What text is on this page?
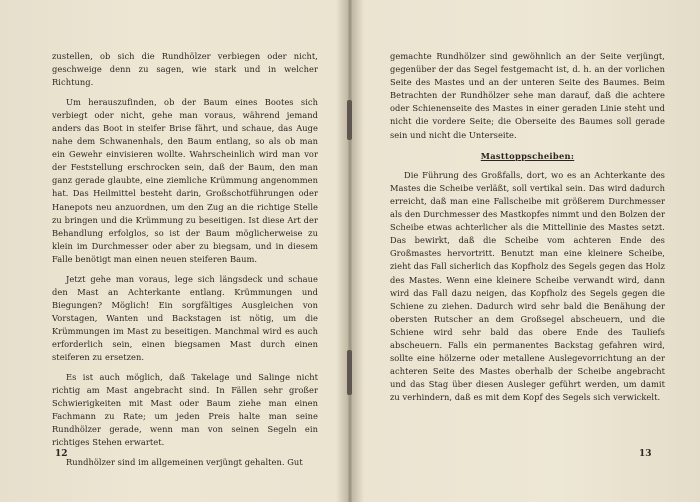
zustellen, ob sich die Rundhölzer verbiegen oder nicht, geschweige denn zu sagen, wie stark und in welcher Richtung.

Um herauszufinden, ob der Baum eines Bootes sich verbiegt oder nicht, gehe man voraus, während jemand anders das Boot in steifer Brise fährt, und schaue, das Auge nahe dem Schwanenhals, den Baum entlang, so als ob man ein Gewehr einvisieren wollte. Wahrscheinlich wird man vor der Feststellung erschrocken sein, daß der Baum, den man ganz gerade glaubte, eine ziemliche Krümmung angenommen hat. Das Heilmittel besteht darin, Großschotführungen oder Hanepots neu anzuordnen, um den Zug an die richtige Stelle zu bringen und die Krümmung zu beseitigen. Ist diese Art der Behandlung erfolglos, so ist der Baum möglicherweise zu klein im Durchmesser oder aber zu biegsam, und in diesem Falle benötigt man einen neuen steiferen Baum.

Jetzt gehe man voraus, lege sich längsdeck und schaue den Mast an Achterkante entlang. Krümmungen und Biegungen? Möglich! Ein sorgfältiges Ausgleichen von Vorstagen, Wanten und Backstagen ist nötig, um die Krümmungen im Mast zu beseitigen. Manchmal wird es auch erforderlich sein, einen biegsamen Mast durch einen steiferen zu ersetzen.

Es ist auch möglich, daß Takelage und Salinge nicht richtig am Mast angebracht sind. In Fällen sehr großer Schwierigkeiten mit Mast oder Baum ziehe man einen Fachmann zu Rate; um jeden Preis halte man seine Rundhölzer gerade, wenn man von seinen Segeln ein richtiges Stehen erwartet.

Rundhölzer sind im allgemeinen verjüngt gehalten. Gut

12

gemachte Rundhölzer sind gewöhnlich an der Seite verjüngt, gegenüber der das Segel festgemacht ist, d. h. an der vorlichen Seite des Mastes und an der unteren Seite des Baumes. Beim Betrachten der Rundhölzer sehe man darauf, daß die achtere oder Schienenseite des Mastes in einer geraden Linie steht und nicht die vordere Seite; die Oberseite des Baumes soll gerade sein und nicht die Unterseite.

Masttoppscheiben:

Die Führung des Großfalls, dort, wo es an Achterkante des Mastes die Scheibe verläßt, soll vertikal sein. Das wird dadurch erreicht, daß man eine Fallscheibe mit größerem Durchmesser als den Durchmesser des Mastkopfes nimmt und den Bolzen der Scheibe etwas achterlicher als die Mittellinie des Mastes setzt. Das bewirkt, daß die Scheibe vom achteren Ende des Großmastes hervortritt. Benutzt man eine kleinere Scheibe, zieht das Fall sicherlich das Kopfholz des Segels gegen das Holz des Mastes. Wenn eine kleinere Scheibe verwandt wird, dann wird das Fall dazu neigen, das Kopfholz des Segels gegen die Schiene zu ziehen. Dadurch wird sehr bald die Benähung der obersten Rutscher an dem Großsegel abscheuern, und die Schiene wird sehr bald das obere Ende des Tauliefs abscheuern. Falls ein permanentes Backstag gefahren wird, sollte eine hölzerne oder metallene Auslegevorrichtung an der achteren Seite des Mastes oberhalb der Scheibe angebracht und das Stag über diesen Ausleger geführt werden, um damit zu verhindern, daß es mit dem Kopf des Segels sich verwickelt.

13
